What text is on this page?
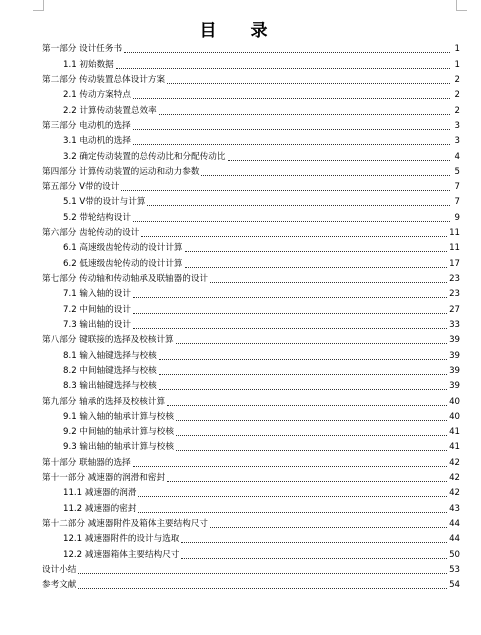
目 录
第一部分 设计任务书	1
1.1 初始数据	1
第二部分 传动装置总体设计方案	2
2.1 传动方案特点	2
2.2 计算传动装置总效率	2
第三部分 电动机的选择	3
3.1 电动机的选择	3
3.2 确定传动装置的总传动比和分配传动比	4
第四部分 计算传动装置的运动和动力参数	5
第五部分 V带的设计	7
5.1 V带的设计与计算	7
5.2 带轮结构设计	9
第六部分 齿轮传动的设计	11
6.1 高速级齿轮传动的设计计算	11
6.2 低速级齿轮传动的设计计算	17
第七部分 传动轴和传动轴承及联轴器的设计	23
7.1 输入轴的设计	23
7.2 中间轴的设计	27
7.3 输出轴的设计	33
第八部分 键联接的选择及校核计算	39
8.1 输入轴键选择与校核	39
8.2 中间轴键选择与校核	39
8.3 输出轴键选择与校核	39
第九部分 轴承的选择及校核计算	40
9.1 输入轴的轴承计算与校核	40
9.2 中间轴的轴承计算与校核	41
9.3 输出轴的轴承计算与校核	41
第十部分 联轴器的选择	42
第十一部分 减速器的润滑和密封	42
11.1 减速器的润滑	42
11.2 减速器的密封	43
第十二部分 减速器附件及箱体主要结构尺寸	44
12.1 减速器附件的设计与选取	44
12.2 减速器箱体主要结构尺寸	50
设计小结	53
参考文献	54
